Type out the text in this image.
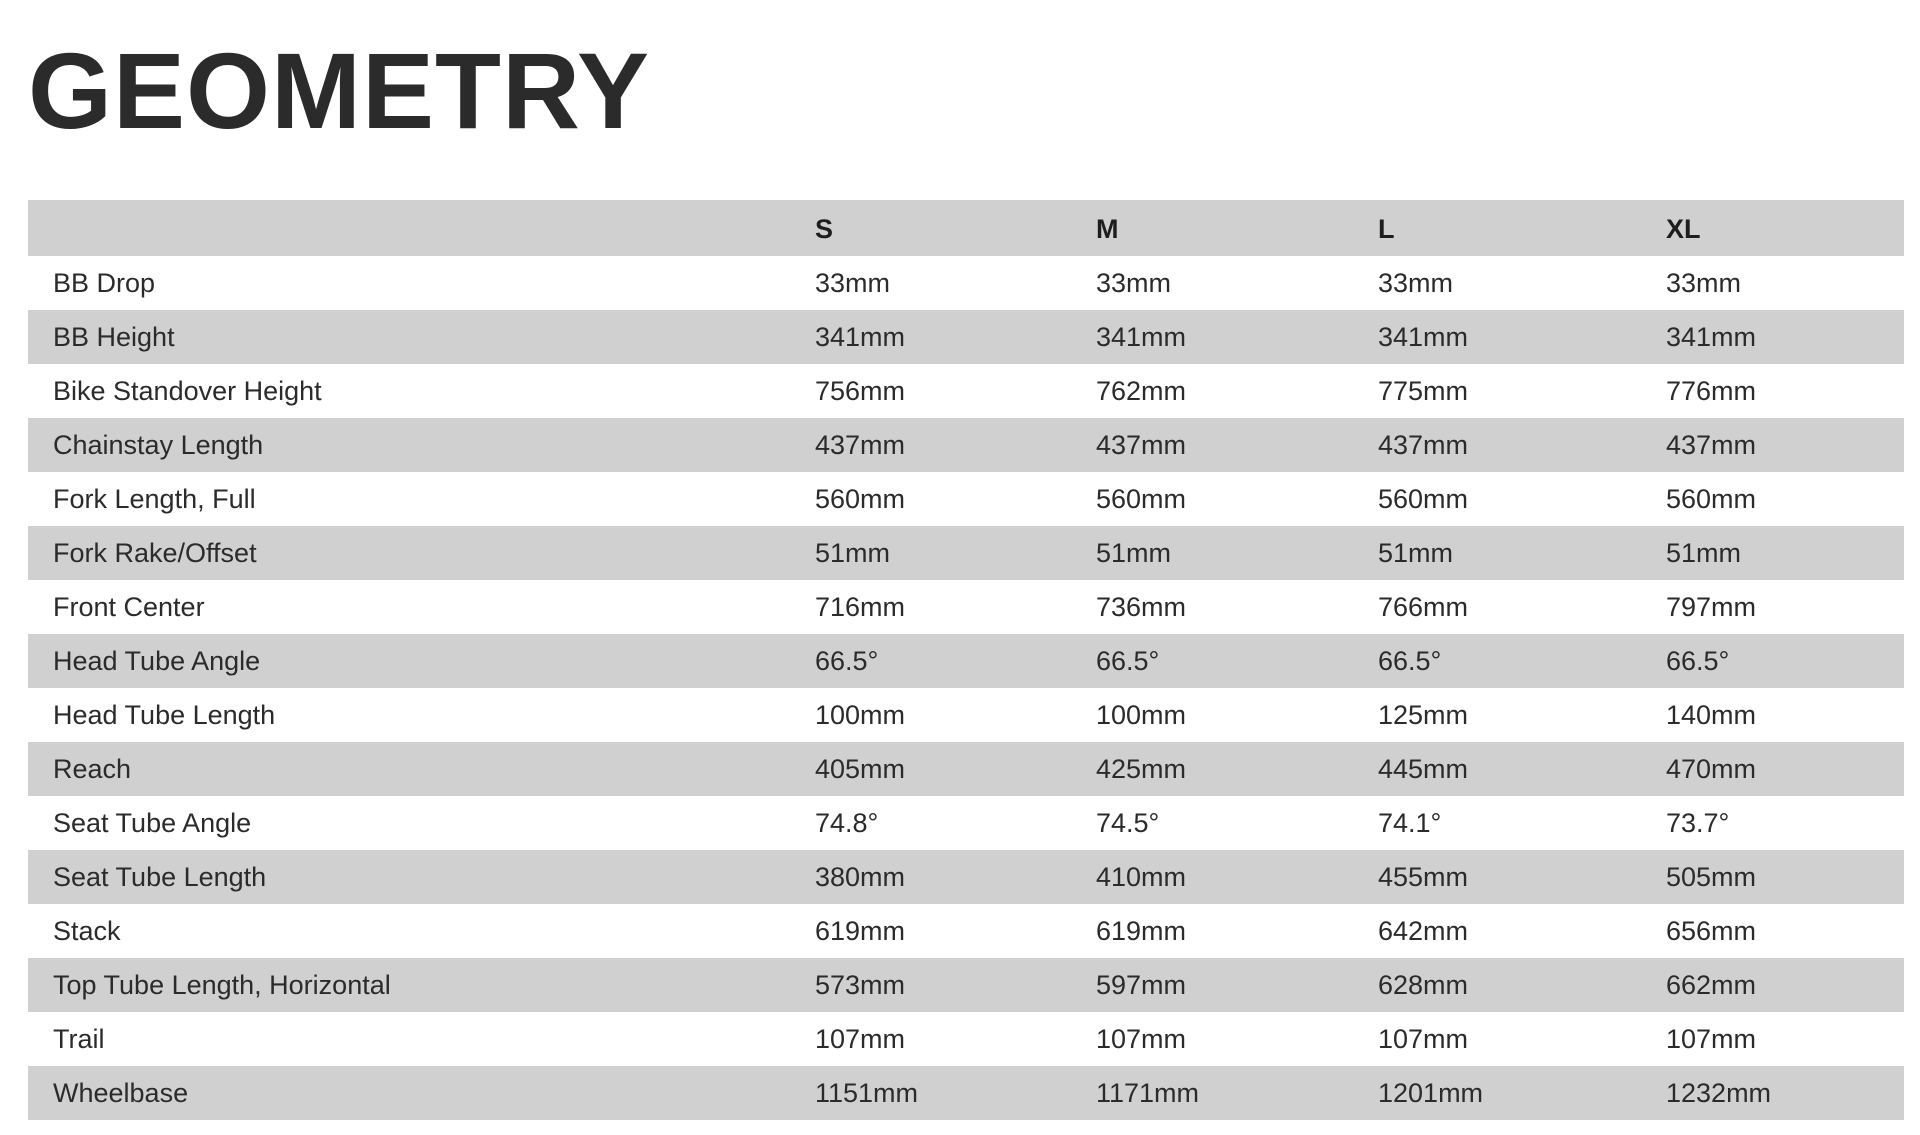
GEOMETRY
	S	M	L	XL
BB Drop	33mm	33mm	33mm	33mm
BB Height	341mm	341mm	341mm	341mm
Bike Standover Height	756mm	762mm	775mm	776mm
Chainstay Length	437mm	437mm	437mm	437mm
Fork Length, Full	560mm	560mm	560mm	560mm
Fork Rake/Offset	51mm	51mm	51mm	51mm
Front Center	716mm	736mm	766mm	797mm
Head Tube Angle	66.5°	66.5°	66.5°	66.5°
Head Tube Length	100mm	100mm	125mm	140mm
Reach	405mm	425mm	445mm	470mm
Seat Tube Angle	74.8°	74.5°	74.1°	73.7°
Seat Tube Length	380mm	410mm	455mm	505mm
Stack	619mm	619mm	642mm	656mm
Top Tube Length, Horizontal	573mm	597mm	628mm	662mm
Trail	107mm	107mm	107mm	107mm
Wheelbase	1151mm	1171mm	1201mm	1232mm
